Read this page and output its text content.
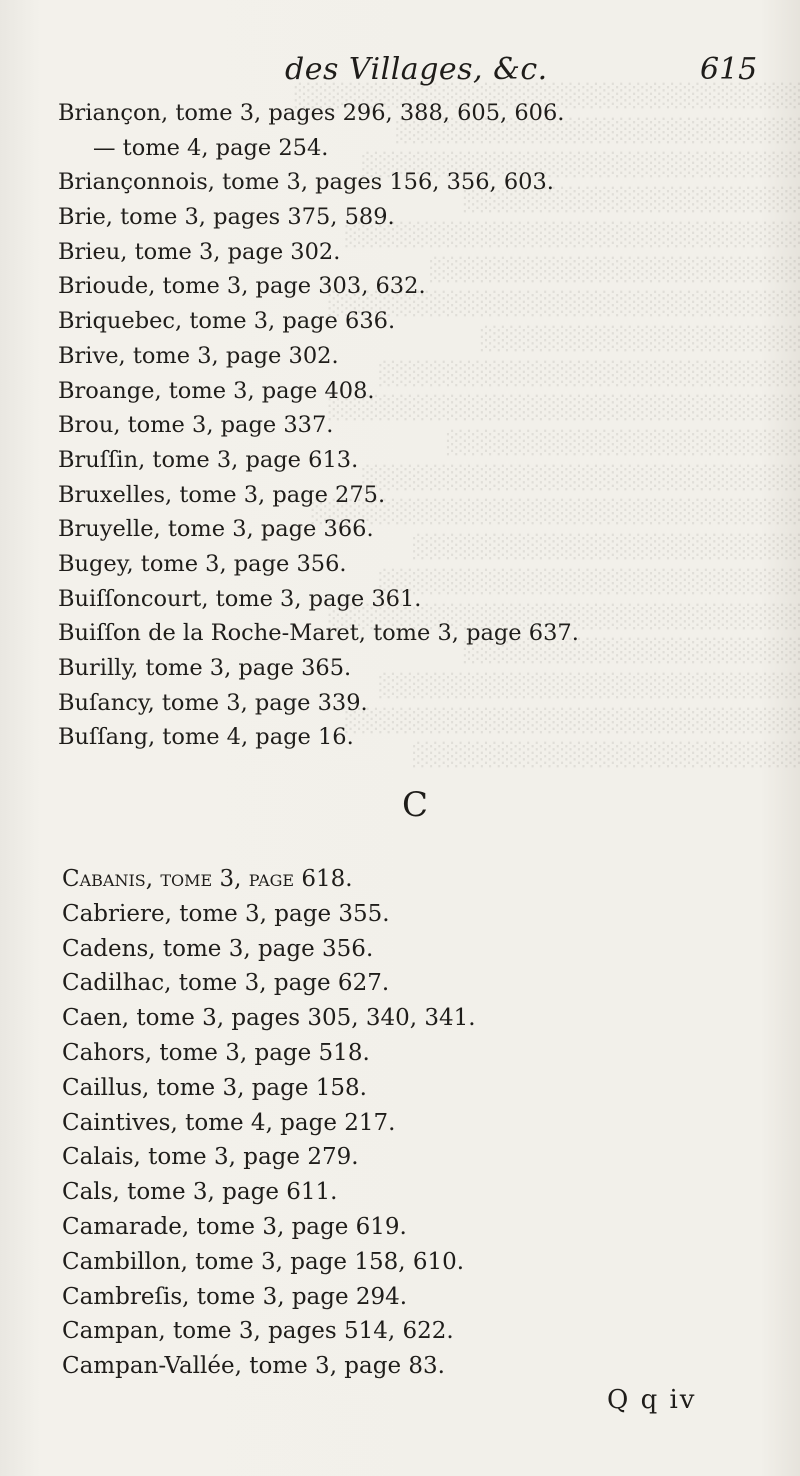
░░░░░░░░░░░░░░░░░░░░░░░░░░░░░░
░░░░░░░░░░░░░░░░░░░░░░░░
░░░░░░░░░░░░░░░░░░░░░░░░░░
░░░░░░░░░░░░░░░░░░░░
░░░░░░░░░░░░░░░░░░░░░░░░░░░
░░░░░░░░░░░░░░░░░░░░░░
░░░░░░░░░░░░░░░░░░░░░░░░░░░░
░░░░░░░░░░░░░░░░░░░
░░░░░░░░░░░░░░░░░░░░░░░░░
░░░░░░░░░░░░░░░░░░░░░░░░░░░░
░░░░░░░░░░░░░░░░░░░░░
░░░░░░░░░░░░░░░░░░░░░░░░░░
░░░░░░░░░░░░░░░░░░░░░░░░░░░░░
░░░░░░░░░░░░░░░░░░░░░░░
░░░░░░░░░░░░░░░░░░░░░░░░░
░░░░░░░░░░░░░░░░░░░░░░░░░░░░
░░░░░░░░░░░░░░░░░░░░
░░░░░░░░░░░░░░░░░░░░░░░░░
░░░░░░░░░░░░░░░░░░░░░░░░░░░
░░░░░░░░░░░░░░░░░░░░░░░
des Villages, &c.	615
Briançon, tome 3, pages 296, 388, 605, 606.
— tome 4, page 254.
Briançonnois, tome 3, pages 156, 356, 603.
Brie, tome 3, pages 375, 589.
Brieu, tome 3, page 302.
Brioude, tome 3, page 303, 632.
Briquebec, tome 3, page 636.
Brive, tome 3, page 302.
Broange, tome 3, page 408.
Brou, tome 3, page 337.
Bruſſin, tome 3, page 613.
Bruxelles, tome 3, page 275.
Bruyelle, tome 3, page 366.
Bugey, tome 3, page 356.
Buiſſoncourt, tome 3, page 361.
Buiſſon de la Roche-Maret, tome 3, page 637.
Burilly, tome 3, page 365.
Buſancy, tome 3, page 339.
Buſſang, tome 4, page 16.
C
Cabanis, tome 3, page 618.
Cabriere, tome 3, page 355.
Cadens, tome 3, page 356.
Cadilhac, tome 3, page 627.
Caen, tome 3, pages 305, 340, 341.
Cahors, tome 3, page 518.
Caillus, tome 3, page 158.
Caintives, tome 4, page 217.
Calais, tome 3, page 279.
Cals, tome 3, page 611.
Camarade, tome 3, page 619.
Cambillon, tome 3, page 158, 610.
Cambreſis, tome 3, page 294.
Campan, tome 3, pages 514, 622.
Campan-Vallée, tome 3, page 83.
Q q iv
